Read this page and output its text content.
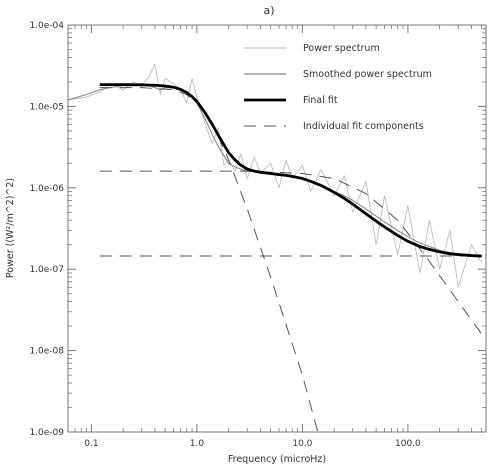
a)
0.1	1.0	10.0	100.0
1.0e-09
1.0e-08
1.0e-07
1.0e-06
1.0e-05
1.0e-04
Frequency (microHz)
Power ((W²/m^2)^2)
Power spectrum
Smoothed power spectrum
Final fit
Individual fit components
